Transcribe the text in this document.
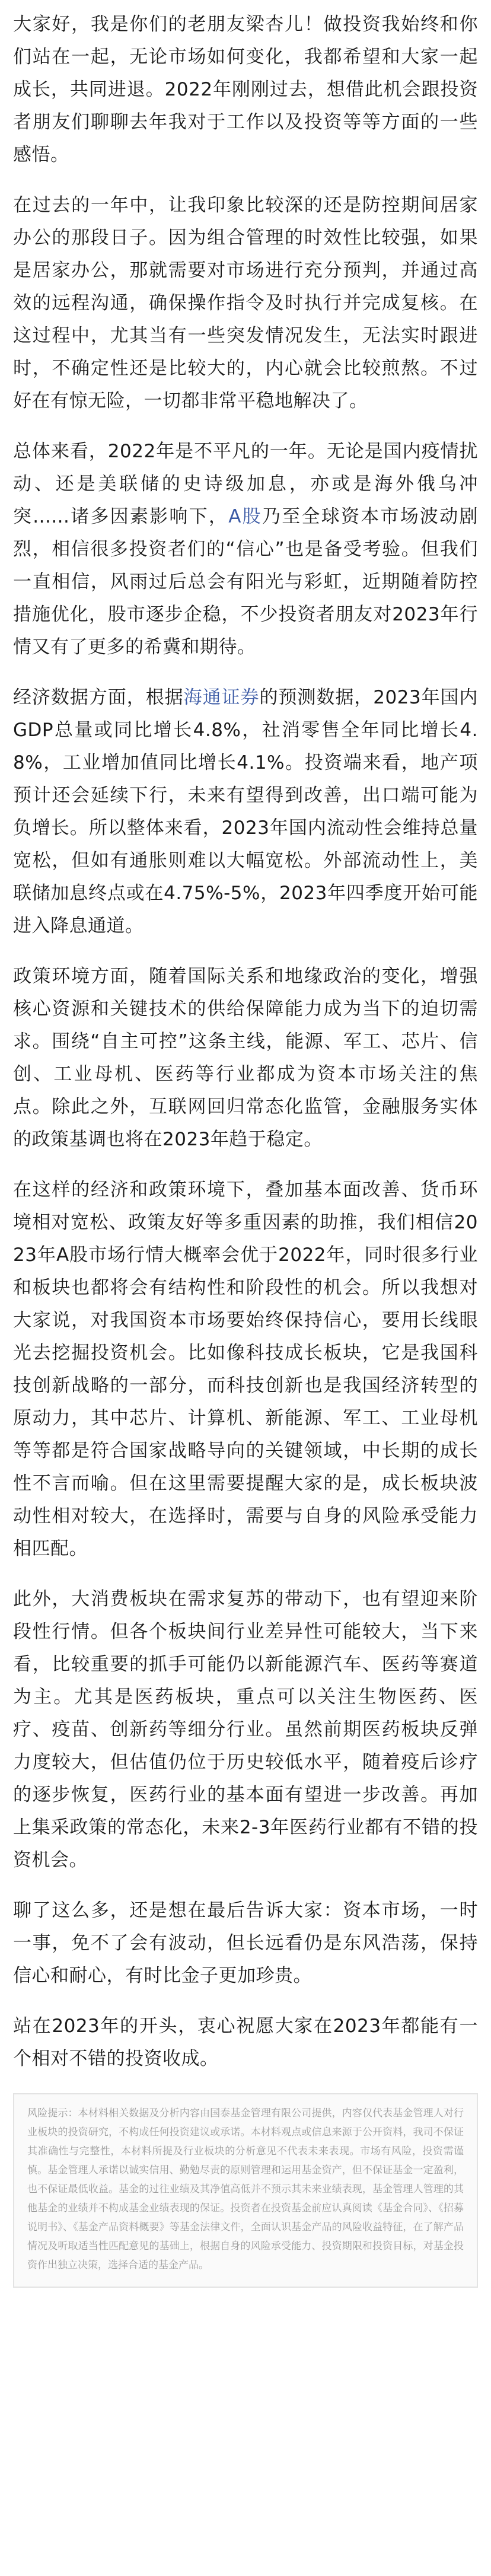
大家好，我是你们的老朋友梁杏儿！做投资我始终和你们站在一起，无论市场如何变化，我都希望和大家一起成长，共同进退。2022年刚刚过去，想借此机会跟投资者朋友们聊聊去年我对于工作以及投资等等方面的一些感悟。

在过去的一年中，让我印象比较深的还是防控期间居家办公的那段日子。因为组合管理的时效性比较强，如果是居家办公，那就需要对市场进行充分预判，并通过高效的远程沟通，确保操作指令及时执行并完成复核。在这过程中，尤其当有一些突发情况发生，无法实时跟进时，不确定性还是比较大的，内心就会比较煎熬。不过好在有惊无险，一切都非常平稳地解决了。

总体来看，2022年是不平凡的一年。无论是国内疫情扰动、还是美联储的史诗级加息，亦或是海外俄乌冲突......诸多因素影响下，A股乃至全球资本市场波动剧烈，相信很多投资者们的“信心”也是备受考验。但我们一直相信，风雨过后总会有阳光与彩虹，近期随着防控措施优化，股市逐步企稳，不少投资者朋友对2023年行情又有了更多的希冀和期待。

经济数据方面，根据海通证券的预测数据，2023年国内GDP总量或同比增长4.8%，社消零售全年同比增长4.8%，工业增加值同比增长4.1%。投资端来看，地产项预计还会延续下行，未来有望得到改善，出口端可能为负增长。所以整体来看，2023年国内流动性会维持总量宽松，但如有通胀则难以大幅宽松。外部流动性上，美联储加息终点或在4.75%-5%，2023年四季度开始可能进入降息通道。

政策环境方面，随着国际关系和地缘政治的变化，增强核心资源和关键技术的供给保障能力成为当下的迫切需求。围绕“自主可控”这条主线，能源、军工、芯片、信创、工业母机、医药等行业都成为资本市场关注的焦点。除此之外，互联网回归常态化监管，金融服务实体的政策基调也将在2023年趋于稳定。

在这样的经济和政策环境下，叠加基本面改善、货币环境相对宽松、政策友好等多重因素的助推，我们相信2023年A股市场行情大概率会优于2022年，同时很多行业和板块也都将会有结构性和阶段性的机会。所以我想对大家说，对我国资本市场要始终保持信心，要用长线眼光去挖掘投资机会。比如像科技成长板块，它是我国科技创新战略的一部分，而科技创新也是我国经济转型的原动力，其中芯片、计算机、新能源、军工、工业母机等等都是符合国家战略导向的关键领域，中长期的成长性不言而喻。但在这里需要提醒大家的是，成长板块波动性相对较大，在选择时，需要与自身的风险承受能力相匹配。

此外，大消费板块在需求复苏的带动下，也有望迎来阶段性行情。但各个板块间行业差异性可能较大，当下来看，比较重要的抓手可能仍以新能源汽车、医药等赛道为主。尤其是医药板块，重点可以关注生物医药、医疗、疫苗、创新药等细分行业。虽然前期医药板块反弹力度较大，但估值仍位于历史较低水平，随着疫后诊疗的逐步恢复，医药行业的基本面有望进一步改善。再加上集采政策的常态化，未来2-3年医药行业都有不错的投资机会。

聊了这么多，还是想在最后告诉大家：资本市场，一时一事，免不了会有波动，但长远看仍是东风浩荡，保持信心和耐心，有时比金子更加珍贵。

站在2023年的开头，衷心祝愿大家在2023年都能有一个相对不错的投资收成。

风险提示：本材料相关数据及分析内容由国泰基金管理有限公司提供，内容仅代表基金管理人对行业板块的投资研究，不构成任何投资建议或承诺。本材料观点或信息来源于公开资料，我司不保证其准确性与完整性，本材料所提及行业板块的分析意见不代表未来表现。市场有风险，投资需谨慎。基金管理人承诺以诚实信用、勤勉尽责的原则管理和运用基金资产，但不保证基金一定盈利，也不保证最低收益。基金的过往业绩及其净值高低并不预示其未来业绩表现，基金管理人管理的其他基金的业绩并不构成基金业绩表现的保证。投资者在投资基金前应认真阅读《基金合同》、《招募说明书》、《基金产品资料概要》等基金法律文件，全面认识基金产品的风险收益特征，在了解产品情况及听取适当性匹配意见的基础上，根据自身的风险承受能力、投资期限和投资目标，对基金投资作出独立决策，选择合适的基金产品。
